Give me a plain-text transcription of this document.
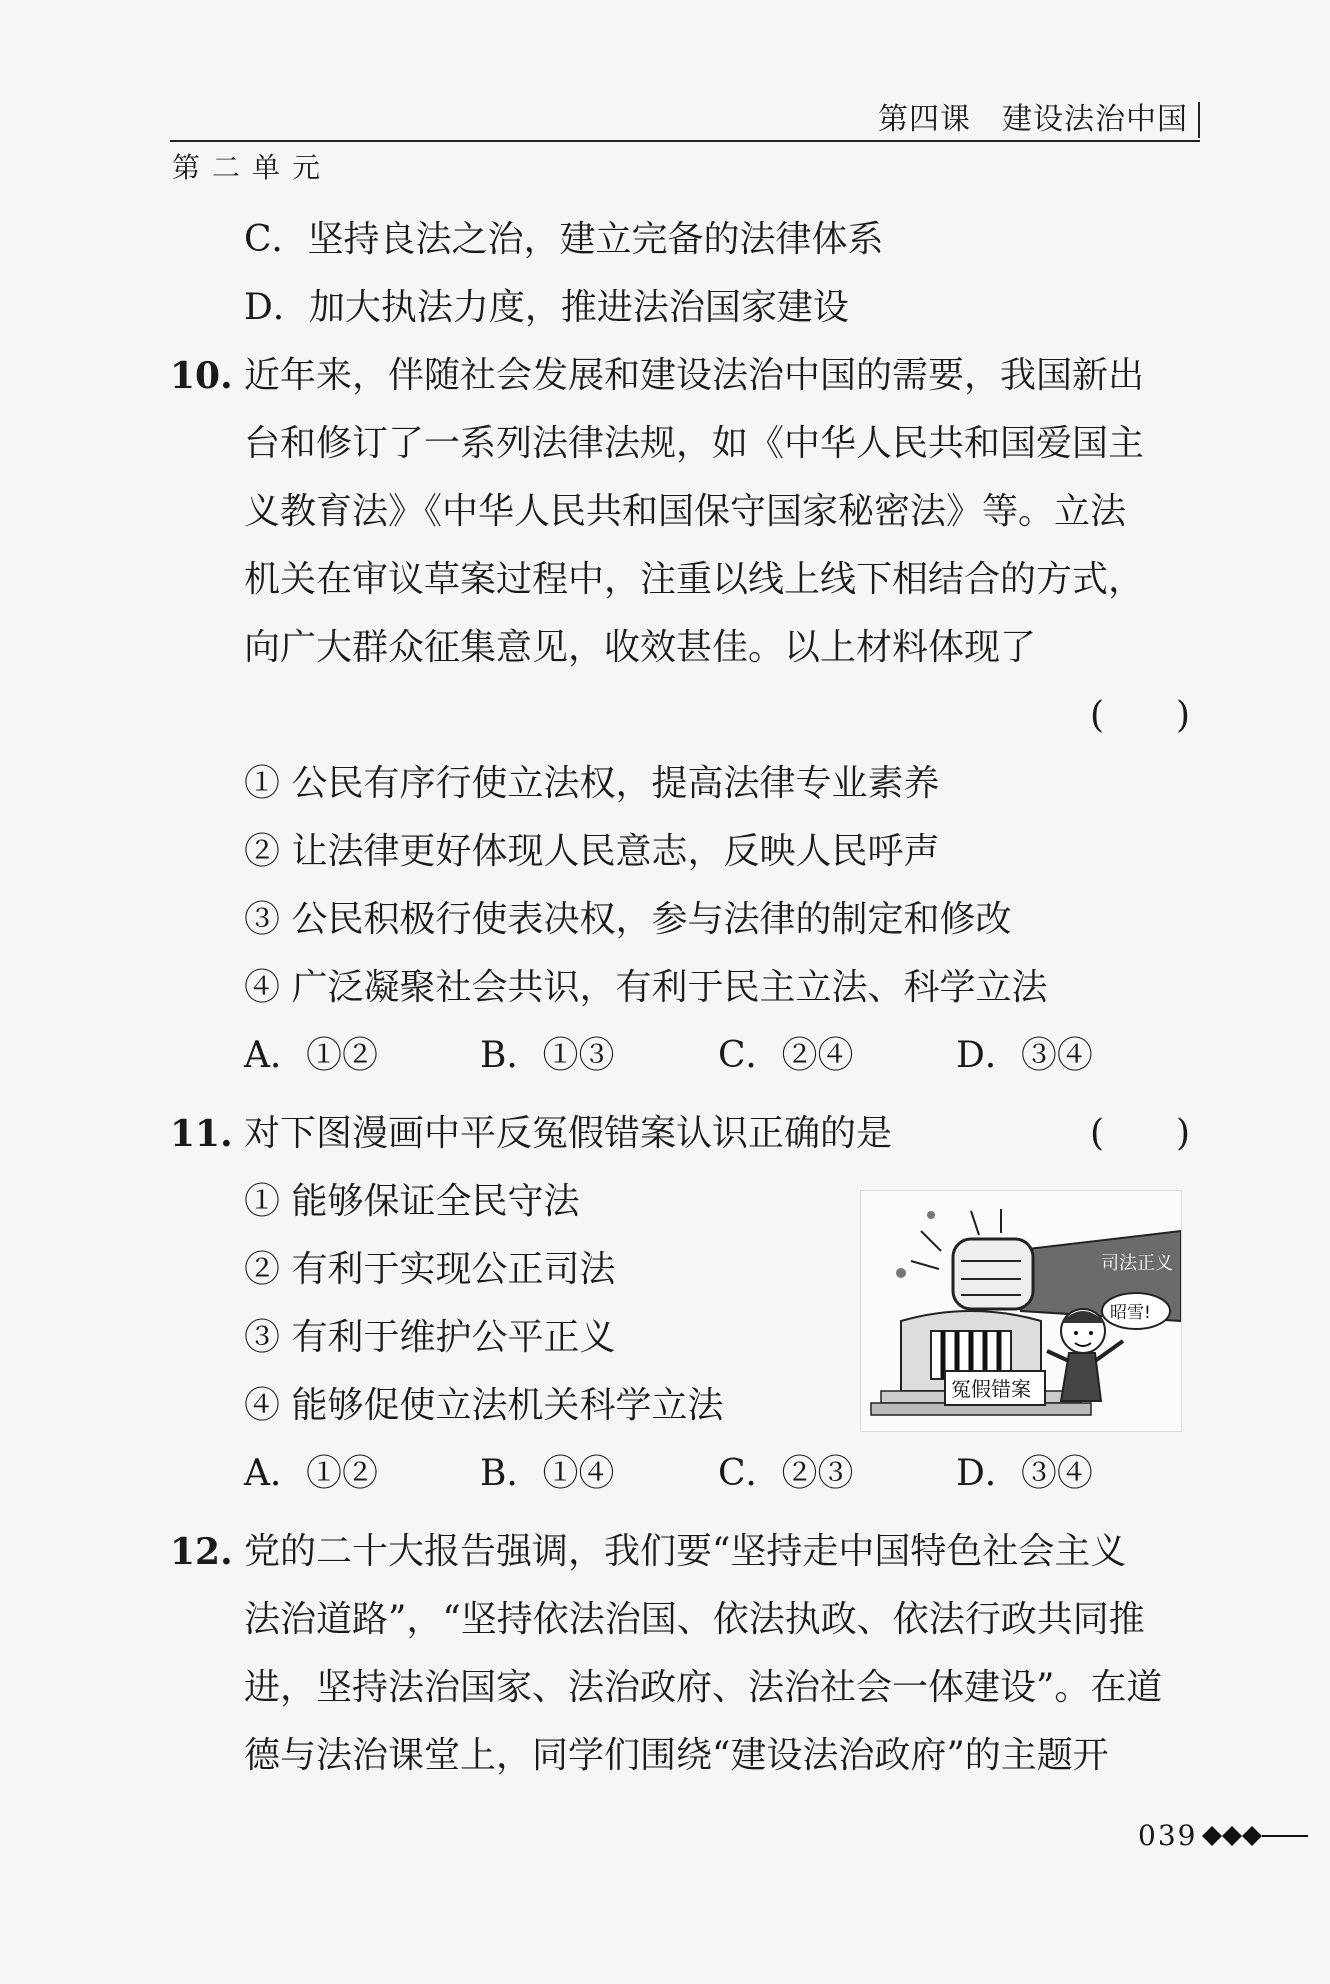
第四课　建设法治中国
第二单元
C．坚持良法之治，建立完备的法律体系
D．加大执法力度，推进法治国家建设
10. 近年来，伴随社会发展和建设法治中国的需要，我国新出
台和修订了一系列法律法规，如《中华人民共和国爱国主
义教育法》《中华人民共和国保守国家秘密法》等。立法
机关在审议草案过程中，注重以线上线下相结合的方式，
向广大群众征集意见，收效甚佳。以上材料体现了
(　　)
① 公民有序行使立法权，提高法律专业素养
② 让法律更好体现人民意志，反映人民呼声
③ 公民积极行使表决权，参与法律的制定和修改
④ 广泛凝聚社会共识，有利于民主立法、科学立法
A．①②	B．①③	C．②④	D．③④
11. 对下图漫画中平反冤假错案认识正确的是	(　　)
① 能够保证全民守法
② 有利于实现公正司法
③ 有利于维护公平正义
④ 能够促使立法机关科学立法	冤假错案
司法正义
昭雪!
A．①②	B．①④	C．②③	D．③④
12. 党的二十大报告强调，我们要“坚持走中国特色社会主义
法治道路”，“坚持依法治国、依法执政、依法行政共同推
进，坚持法治国家、法治政府、法治社会一体建设”。在道
德与法治课堂上，同学们围绕“建设法治政府”的主题开
039
